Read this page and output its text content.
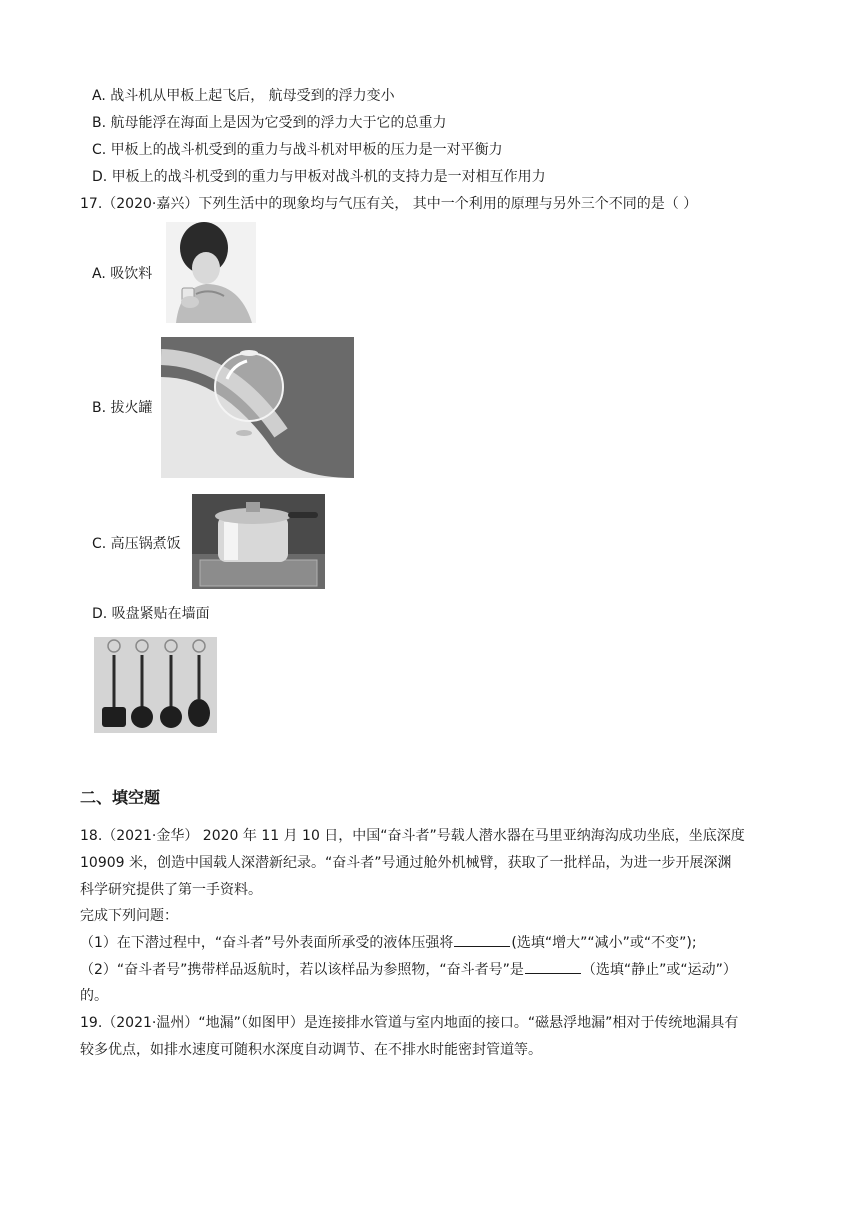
A. 战斗机从甲板上起飞后， 航母受到的浮力变小
B. 航母能浮在海面上是因为它受到的浮力大于它的总重力
C. 甲板上的战斗机受到的重力与战斗机对甲板的压力是一对平衡力
D. 甲板上的战斗机受到的重力与甲板对战斗机的支持力是一对相互作用力
17.（2020·嘉兴）下列生活中的现象均与气压有关， 其中一个利用的原理与另外三个不同的是（ ）
A. 吸饮料
B. 拔火罐
C. 高压锅煮饭
D. 吸盘紧贴在墙面
二、填空题
18.（2021·金华） 2020 年 11 月 10 日，中国“奋斗者”号载人潜水器在马里亚纳海沟成功坐底，坐底深度
10909 米，创造中国载人深潜新纪录。“奋斗者”号通过舱外机械臂，获取了一批样品，为进一步开展深渊
科学研究提供了第一手资料。
完成下列问题：
（1）在下潜过程中，“奋斗者”号外表面所承受的液体压强将	(选填“增大”“减小”或“不变”);
（2）“奋斗者号”携带样品返航时，若以该样品为参照物，“奋斗者号”是	（选填“静止”或“运动”）
的。
19.（2021·温州）“地漏”（如图甲）是连接排水管道与室内地面的接口。“磁悬浮地漏”相对于传统地漏具有
较多优点，如排水速度可随积水深度自动调节、在不排水时能密封管道等。
